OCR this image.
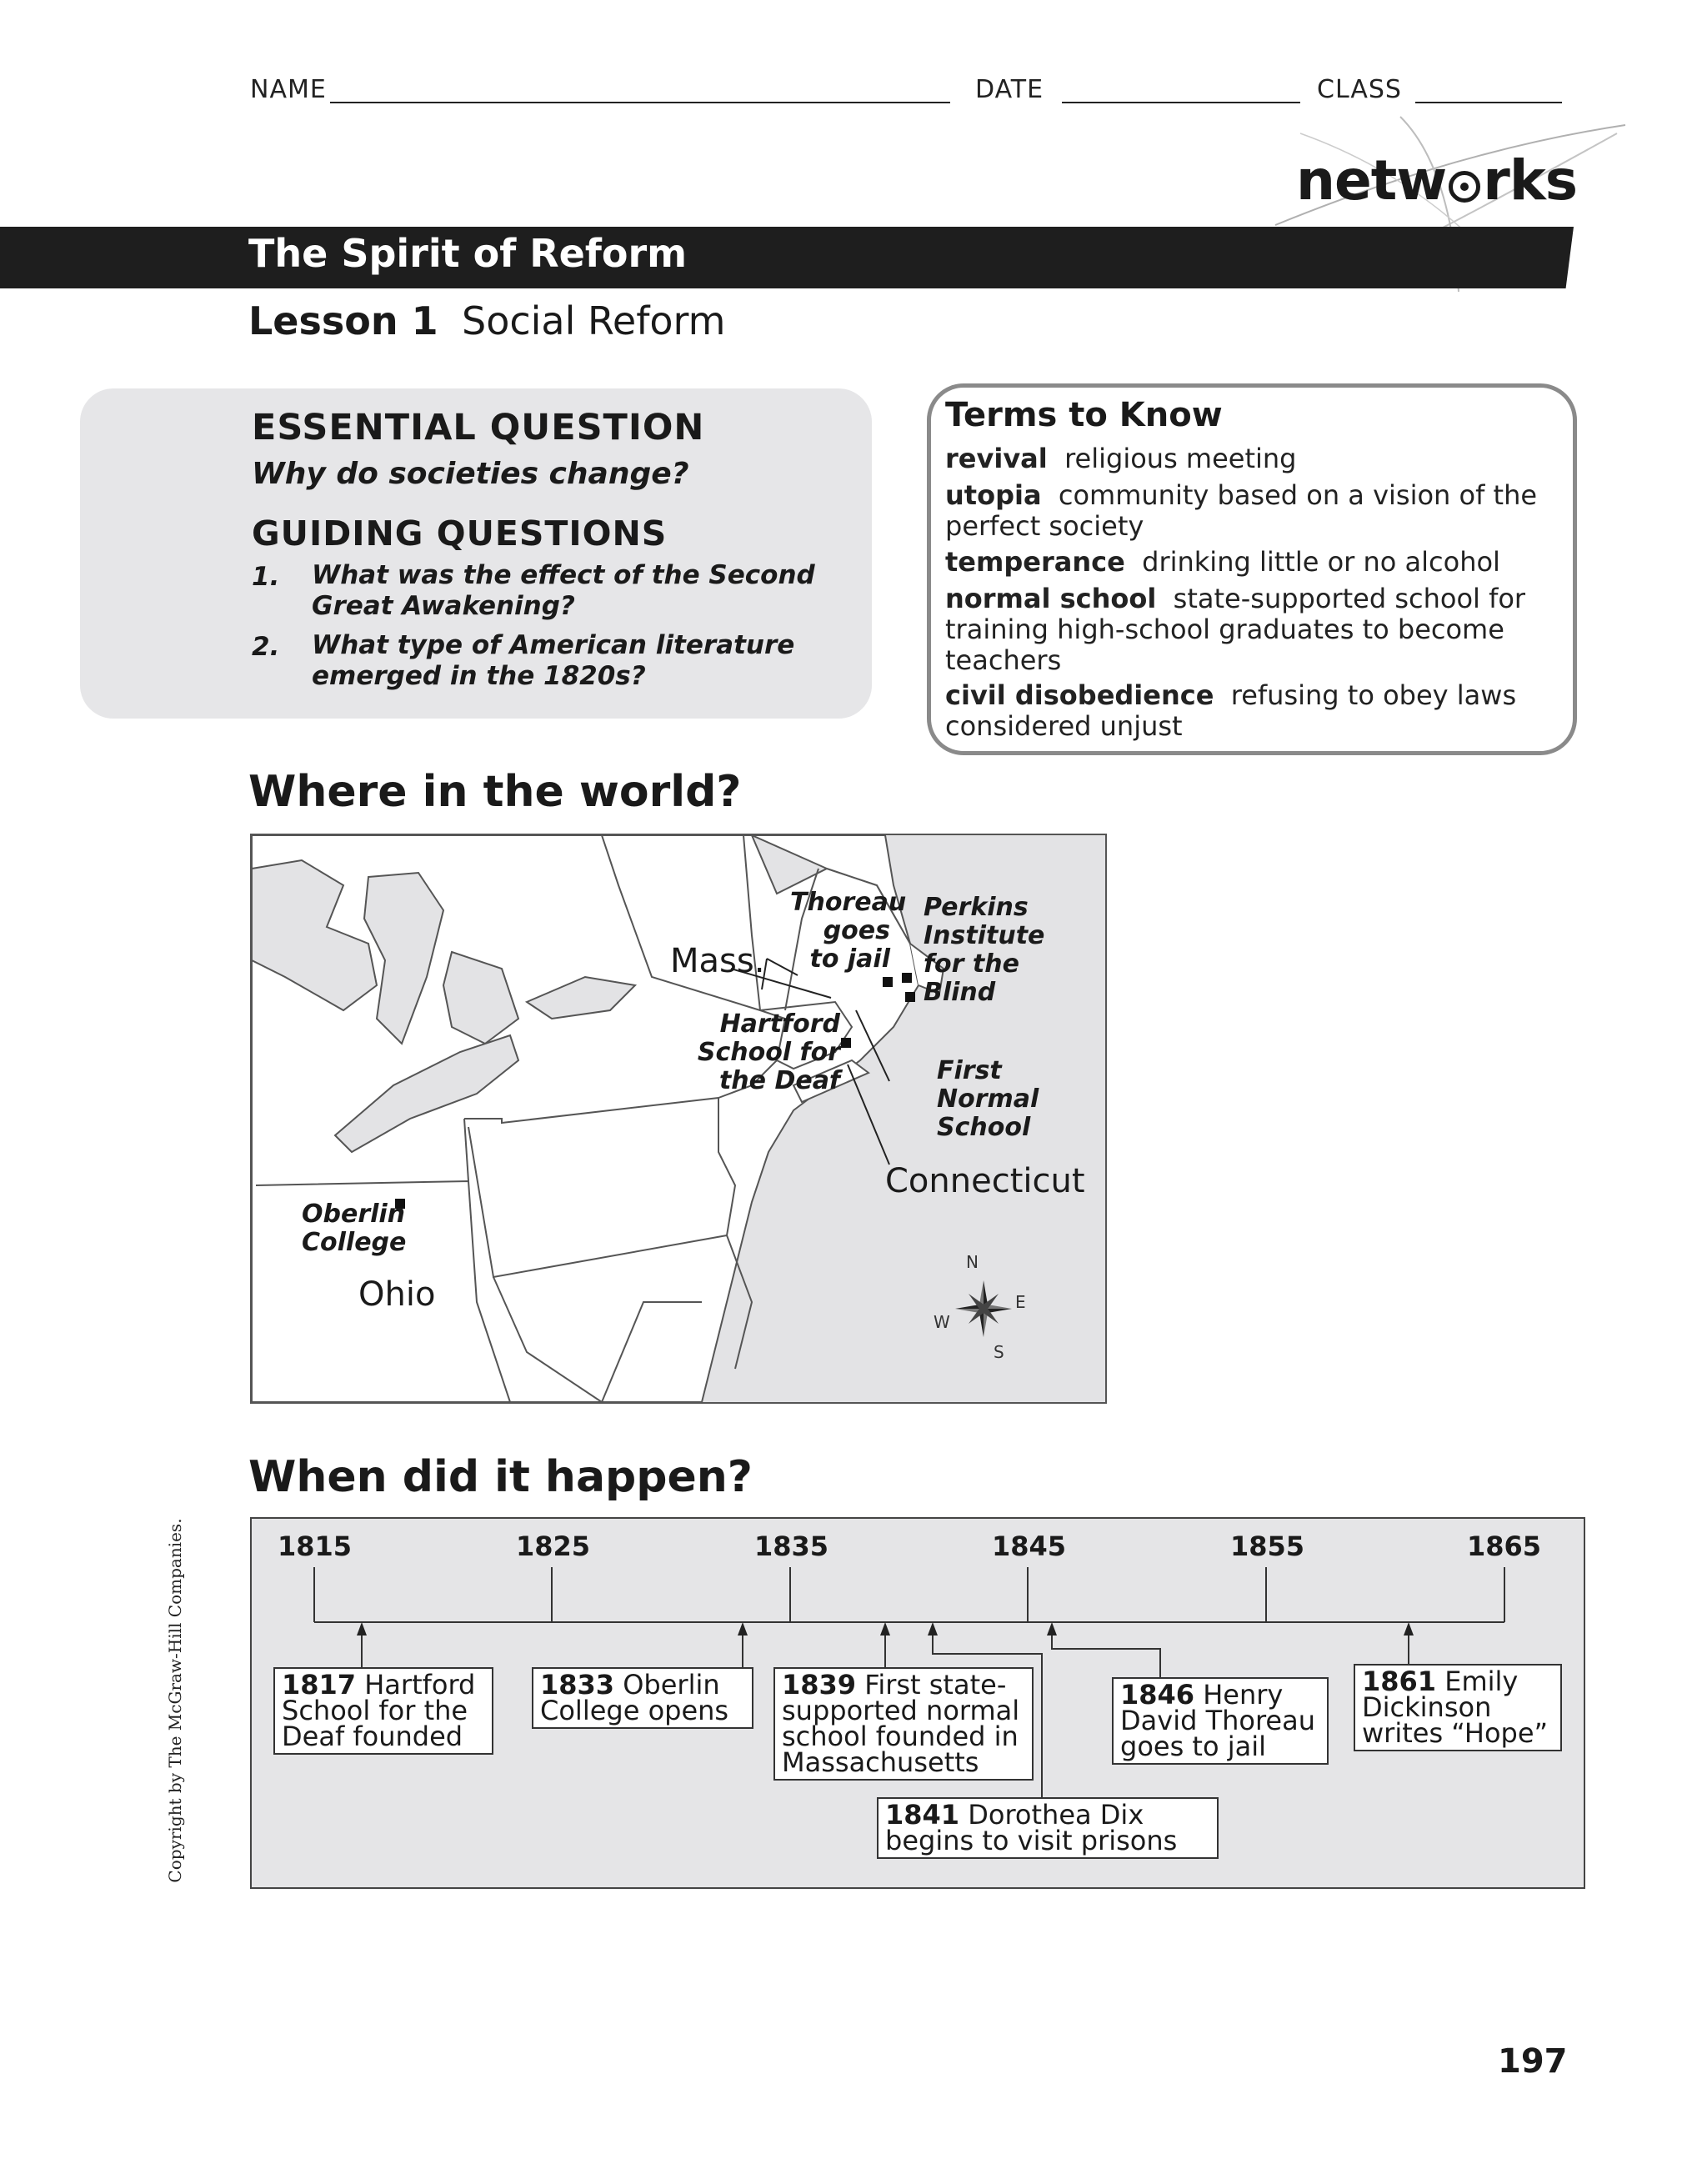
NAME	DATE	CLASS
netw rks
The Spirit of Reform
Lesson 1 Social Reform
ESSENTIAL QUESTION
Why do societies change?
GUIDING QUESTIONS
1. What was the effect of the Second Great Awakening?
2. What type of American literature emerged in the 1820s?
Terms to Know
revival religious meeting
utopia community based on a vision of the perfect society
temperance drinking little or no alcohol
normal school state-supported school for training high-school graduates to become teachers
civil disobedience refusing to obey laws considered unjust
Where in the world?
Thoreau goes to jail
Perkins Institute for the Blind
Mass.
Hartford School for the Deaf	First Normal School
Connecticut
Oberlin College
Ohio
N
W
E
S
When did it happen?
1815	1825	1835	1845	1855	1865
1817 Hartford School for the Deaf founded
1833 Oberlin College opens
1839 First state-supported normal school founded in Massachusetts
1841 Dorothea Dix begins to visit prisons
1846 Henry David Thoreau goes to jail
1861 Emily Dickinson writes “Hope”
Copyright by The McGraw-Hill Companies.
197
